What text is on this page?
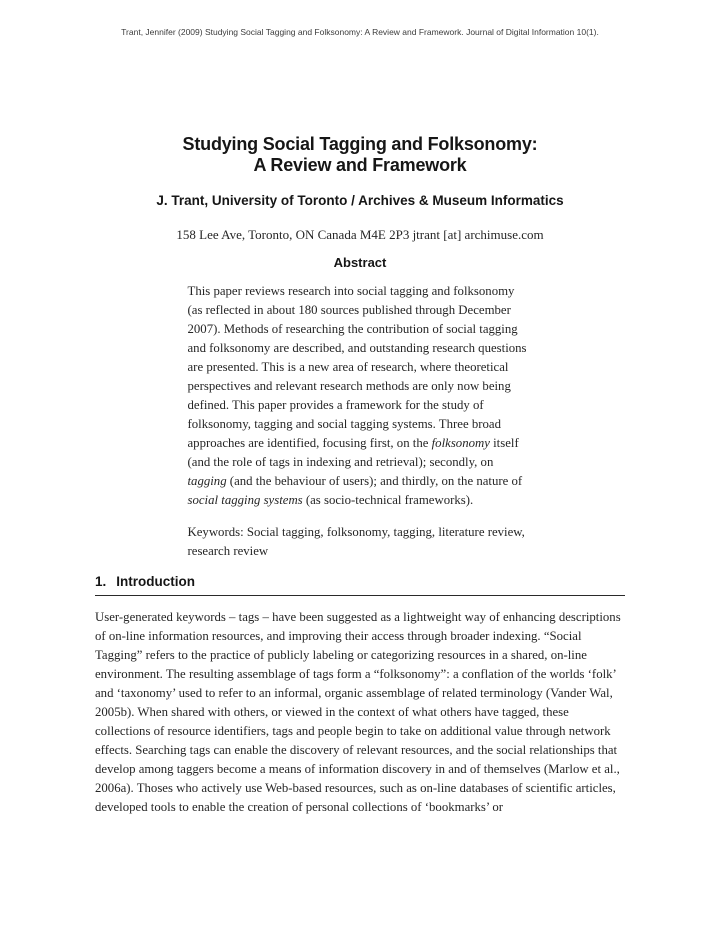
Trant, Jennifer (2009) Studying Social Tagging and Folksonomy: A Review and Framework. Journal of Digital Information 10(1).
Studying Social Tagging and Folksonomy:
A Review and Framework
J. Trant, University of Toronto / Archives & Museum Informatics
158 Lee Ave, Toronto, ON Canada M4E 2P3 jtrant [at] archimuse.com
Abstract

This paper reviews research into social tagging and folksonomy (as reflected in about 180 sources published through December 2007). Methods of researching the contribution of social tagging and folksonomy are described, and outstanding research questions are presented. This is a new area of research, where theoretical perspectives and relevant research methods are only now being defined. This paper provides a framework for the study of folksonomy, tagging and social tagging systems. Three broad approaches are identified, focusing first, on the folksonomy itself (and the role of tags in indexing and retrieval); secondly, on tagging (and the behaviour of users); and thirdly, on the nature of social tagging systems (as socio-technical frameworks).

Keywords: Social tagging, folksonomy, tagging, literature review, research review

1. Introduction

User-generated keywords – tags – have been suggested as a lightweight way of enhancing descriptions of on-line information resources, and improving their access through broader indexing. “Social Tagging” refers to the practice of publicly labeling or categorizing resources in a shared, on-line environment. The resulting assemblage of tags form a “folksonomy”: a conflation of the worlds ‘folk’ and ‘taxonomy’ used to refer to an informal, organic assemblage of related terminology (Vander Wal, 2005b). When shared with others, or viewed in the context of what others have tagged, these collections of resource identifiers, tags and people begin to take on additional value through network effects. Searching tags can enable the discovery of relevant resources, and the social relationships that develop among taggers become a means of information discovery in and of themselves (Marlow et al., 2006a). Thoses who actively use Web-based resources, such as on-line databases of scientific articles, developed tools to enable the creation of personal collections of ‘bookmarks’ or
